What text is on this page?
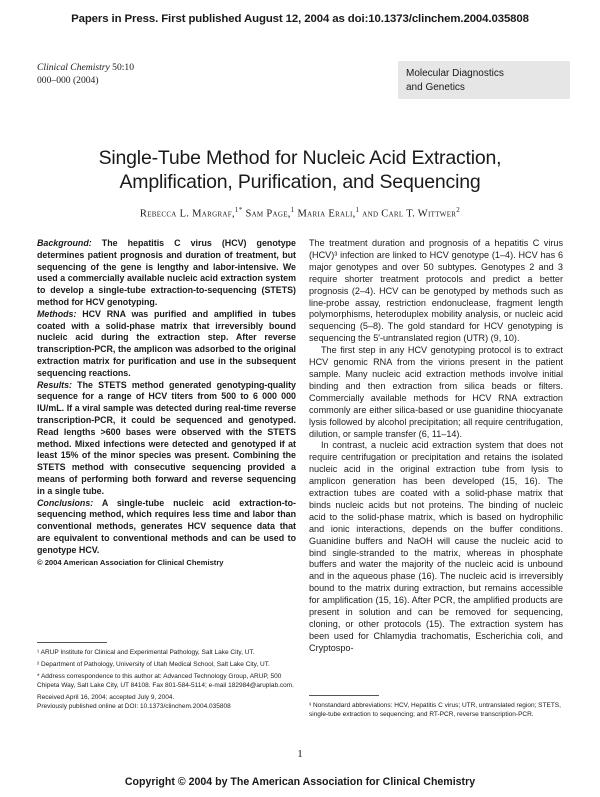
Papers in Press. First published August 12, 2004 as doi:10.1373/clinchem.2004.035808
Clinical Chemistry 50:10
000–000 (2004)
Molecular Diagnostics
and Genetics
Single-Tube Method for Nucleic Acid Extraction,
Amplification, Purification, and Sequencing
Rebecca L. Margraf,$^{1*}$ Sam Page,$^1$ Maria Erali,$^1$ and Carl T. Wittwer$^2$

Background: The hepatitis C virus (HCV) genotype determines patient prognosis and duration of treatment, but sequencing of the gene is lengthy and labor-intensive. We used a commercially available nucleic acid extraction system to develop a single-tube extraction-to-sequencing (STETS) method for HCV genotyping.

Methods: HCV RNA was purified and amplified in tubes coated with a solid-phase matrix that irreversibly bound nucleic acid during the extraction step. After reverse transcription-PCR, the amplicon was adsorbed to the original extraction matrix for purification and use in the subsequent sequencing reactions.

Results: The STETS method generated genotyping-quality sequence for a range of HCV titers from 500 to 6 000 000 IU/mL. If a viral sample was detected during real-time reverse transcription-PCR, it could be sequenced and genotyped. Read lengths >600 bases were observed with the STETS method. Mixed infections were detected and genotyped if at least 15% of the minor species was present. Combining the STETS method with consecutive sequencing provided a means of performing both forward and reverse sequencing in a single tube.

Conclusions: A single-tube nucleic acid extraction-to-sequencing method, which requires less time and labor than conventional methods, generates HCV sequence data that are equivalent to conventional methods and can be used to genotype HCV.

© 2004 American Association for Clinical Chemistry

The treatment duration and prognosis of a hepatitis C virus (HCV)³ infection are linked to HCV genotype (1–4). HCV has 6 major genotypes and over 50 subtypes. Genotypes 2 and 3 require shorter treatment protocols and predict a better prognosis (2–4). HCV can be genotyped by methods such as line-probe assay, restriction endonuclease, fragment length polymorphisms, heteroduplex mobility analysis, or nucleic acid sequencing (5–8). The gold standard for HCV genotyping is sequencing the 5′-untranslated region (UTR) (9, 10).

The first step in any HCV genotyping protocol is to extract HCV genomic RNA from the virions present in the patient sample. Many nucleic acid extraction methods involve initial binding and then extraction from silica beads or filters. Commercially available methods for HCV RNA extraction commonly are either silica-based or use guanidine thiocyanate lysis followed by alcohol precipitation; all require centrifugation, dilution, or sample transfer (6, 11–14).

In contrast, a nucleic acid extraction system that does not require centrifugation or precipitation and retains the isolated nucleic acid in the original extraction tube from lysis to amplicon generation has been developed (15, 16). The extraction tubes are coated with a solid-phase matrix that binds nucleic acids but not proteins. The binding of nucleic acid to the solid-phase matrix, which is based on hydrophilic and ionic interactions, depends on the buffer conditions. Guanidine buffers and NaOH will cause the nucleic acid to bind single-stranded to the matrix, whereas in phosphate buffers and water the majority of the nucleic acid is unbound and in the aqueous phase (16). The nucleic acid is irreversibly bound to the matrix during extraction, but remains accessible for amplification (15, 16). After PCR, the amplified products are present in solution and can be removed for sequencing, cloning, or other protocols (15). The extraction system has been used for Chlamydia trachomatis, Escherichia coli, and Cryptospo-

¹ ARUP Institute for Clinical and Experimental Pathology, Salt Lake City, UT.

² Department of Pathology, University of Utah Medical School, Salt Lake City, UT.

* Address correspondence to this author at: Advanced Technology Group, ARUP, 500 Chipeta Way, Salt Lake City, UT 84108. Fax 801-584-5114; e-mail 182984@aruplab.com.

Received April 16, 2004; accepted July 9, 2004.

Previously published online at DOI: 10.1373/clinchem.2004.035808	³ Nonstandard abbreviations: HCV, Hepatitis C virus; UTR, untranslated region; STETS, single-tube extraction to sequencing; and RT-PCR, reverse transcription-PCR.

1
Copyright © 2004 by The American Association for Clinical Chemistry
